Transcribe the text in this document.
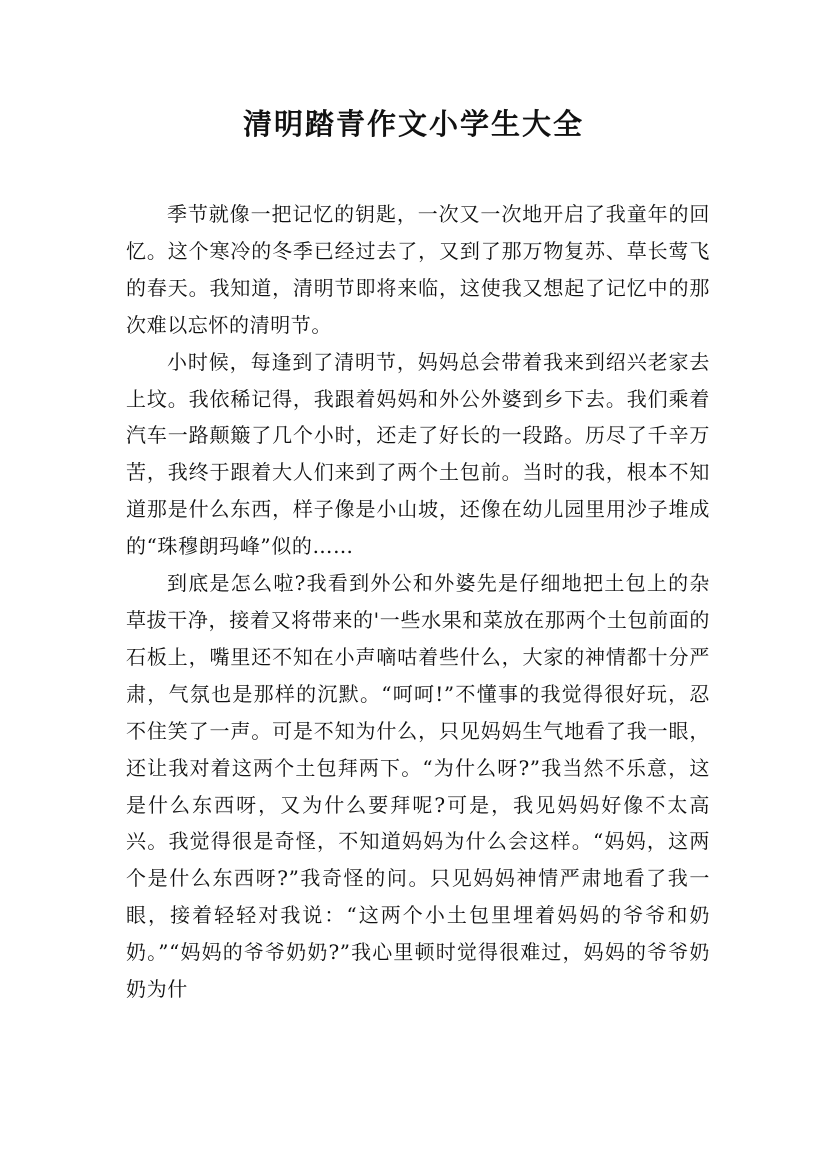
清明踏青作文小学生大全

季节就像一把记忆的钥匙，一次又一次地开启了我童年的回忆。这个寒冷的冬季已经过去了，又到了那万物复苏、草长莺飞的春天。我知道，清明节即将来临，这使我又想起了记忆中的那次难以忘怀的清明节。

小时候，每逢到了清明节，妈妈总会带着我来到绍兴老家去上坟。我依稀记得，我跟着妈妈和外公外婆到乡下去。我们乘着汽车一路颠簸了几个小时，还走了好长的一段路。历尽了千辛万苦，我终于跟着大人们来到了两个土包前。当时的我，根本不知道那是什么东西，样子像是小山坡，还像在幼儿园里用沙子堆成的“珠穆朗玛峰”似的……

到底是怎么啦?我看到外公和外婆先是仔细地把土包上的杂草拔干净，接着又将带来的'一些水果和菜放在那两个土包前面的石板上，嘴里还不知在小声嘀咕着些什么，大家的神情都十分严肃，气氛也是那样的沉默。“呵呵!”不懂事的我觉得很好玩，忍不住笑了一声。可是不知为什么，只见妈妈生气地看了我一眼，还让我对着这两个土包拜两下。“为什么呀?”我当然不乐意，这是什么东西呀，又为什么要拜呢?可是，我见妈妈好像不太高兴。我觉得很是奇怪，不知道妈妈为什么会这样。“妈妈，这两个是什么东西呀?”我奇怪的问。只见妈妈神情严肃地看了我一眼，接着轻轻对我说：“这两个小土包里埋着妈妈的爷爷和奶奶。”“妈妈的爷爷奶奶?”我心里顿时觉得很难过，妈妈的爷爷奶奶为什
